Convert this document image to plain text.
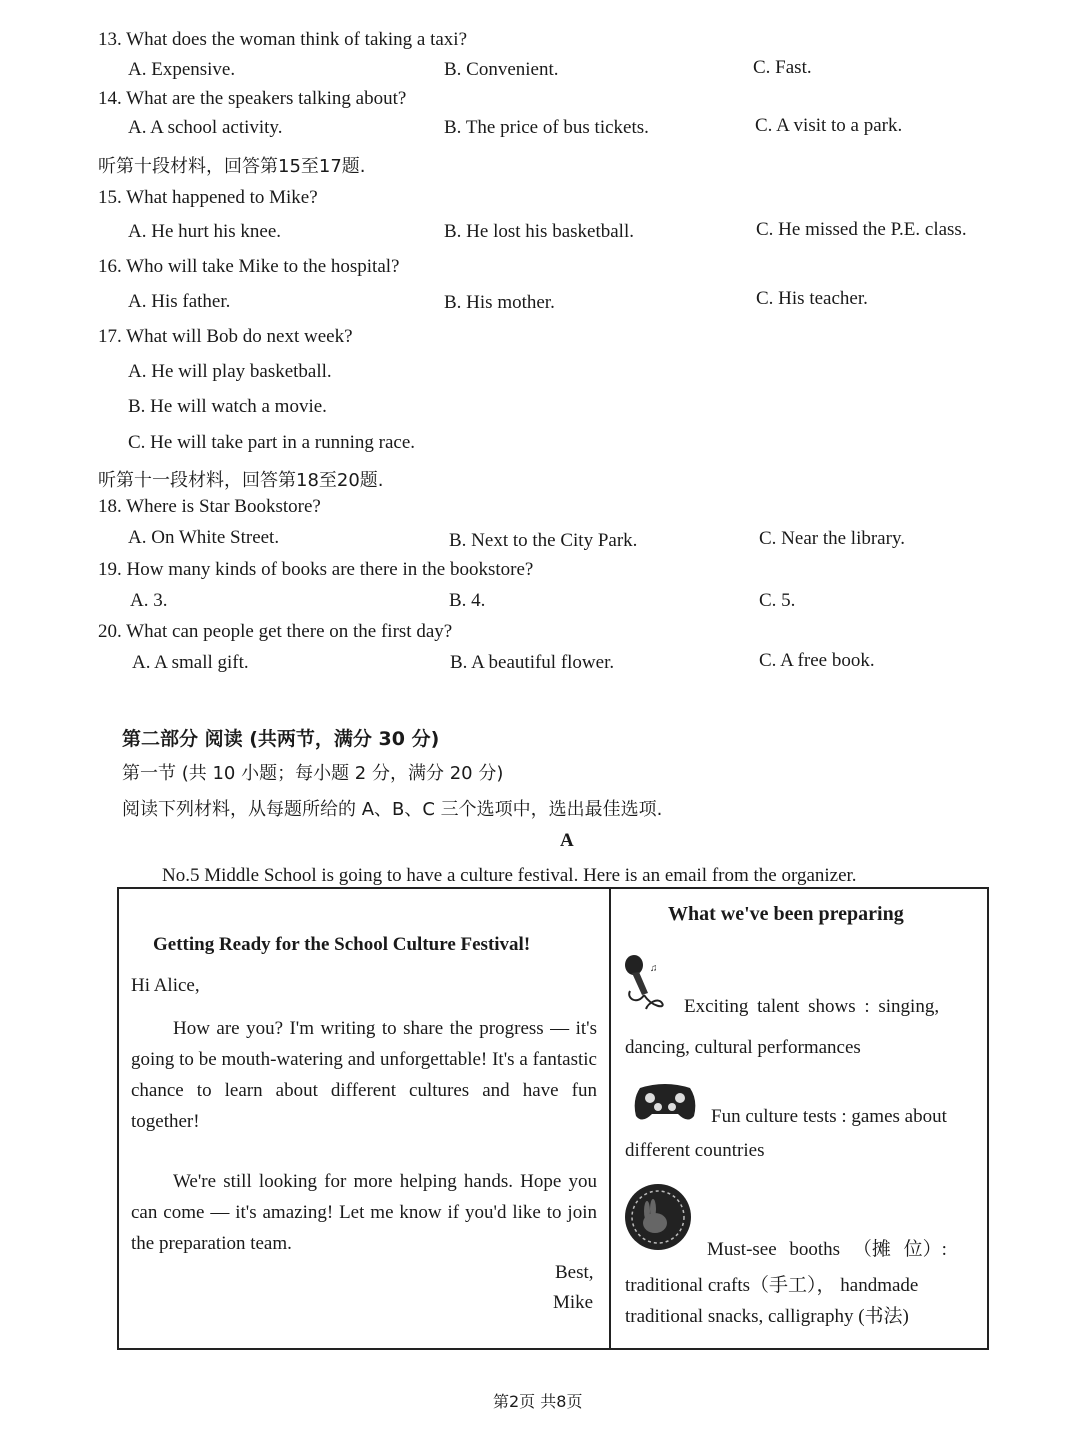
13. What does the woman think of taking a taxi?
A. Expensive.	B. Convenient.	C. Fast.
14. What are the speakers talking about?
A. A school activity.	B. The price of bus tickets.	C. A visit to a park.
听第十段材料，回答第15至17题.
15. What happened to Mike?
A. He hurt his knee.	B. He lost his basketball.	C. He missed the P.E. class.
16. Who will take Mike to the hospital?
A. His father.	B. His mother.	C. His teacher.
17. What will Bob do next week?
A. He will play basketball.
B. He will watch a movie.
C. He will take part in a running race.
听第十一段材料，回答第18至20题.
18. Where is Star Bookstore?
A. On White Street.	B. Next to the City Park.	C. Near the library.
19. How many kinds of books are there in the bookstore?
A. 3.	B. 4.	C. 5.
20. What can people get there on the first day?
A. A small gift.	B. A beautiful flower.	C. A free book.
第二部分 阅读 (共两节，满分 30 分)
第一节 (共 10 小题；每小题 2 分，满分 20 分)
阅读下列材料，从每题所给的 A、B、C 三个选项中，选出最佳选项.
A
No.5 Middle School is going to have a culture festival. Here is an email from the organizer.
Getting Ready for the School Culture Festival!
Hi Alice,
How are you? I'm writing to share the progress — it's going to be mouth-watering and unforgettable! It's a fantastic chance to learn about different cultures and have fun together!
We're still looking for more helping hands. Hope you can come — it's amazing! Let me know if you'd like to join the preparation team.
Best,
Mike
What we've been preparing
♫
Exciting talent shows : singing,
dancing, cultural performances
Fun culture tests : games about
different countries
Must-see booths （摊 位）:
traditional crafts（手工）， handmade
traditional snacks, calligraphy (书法)
第2页 共8页
